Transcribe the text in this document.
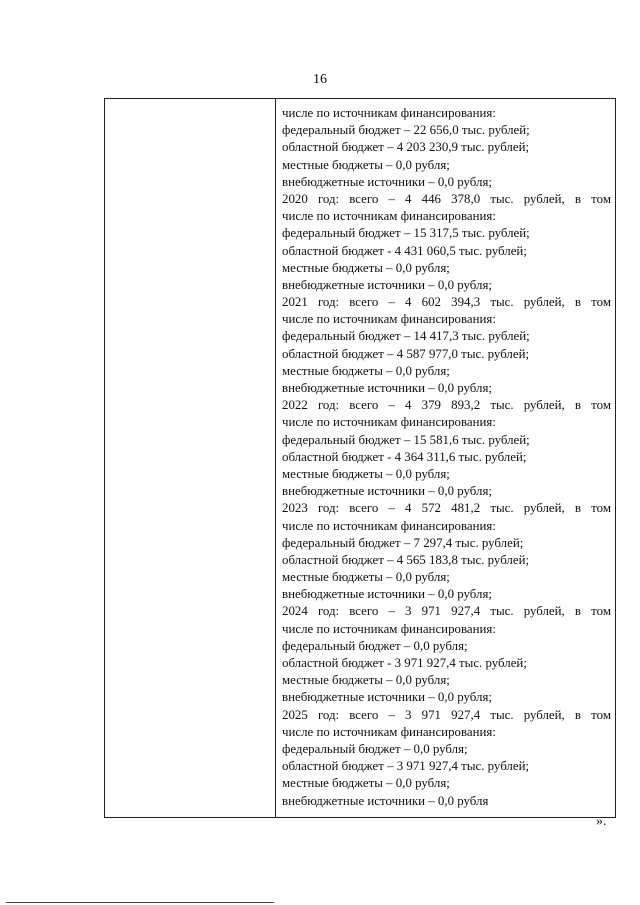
16
числе по источникам финансирования:
федеральный бюджет – 22 656,0 тыс. рублей;
областной бюджет – 4 203 230,9 тыс. рублей;
местные бюджеты – 0,0 рубля;
внебюджетные источники – 0,0 рубля;
2020 год: всего – 4 446 378,0 тыс. рублей, в том
числе по источникам финансирования:
федеральный бюджет – 15 317,5 тыс. рублей;
областной бюджет - 4 431 060,5 тыс. рублей;
местные бюджеты – 0,0 рубля;
внебюджетные источники – 0,0 рубля;
2021 год: всего – 4 602 394,3 тыс. рублей, в том
числе по источникам финансирования:
федеральный бюджет – 14 417,3 тыс. рублей;
областной бюджет – 4 587 977,0 тыс. рублей;
местные бюджеты – 0,0 рубля;
внебюджетные источники – 0,0 рубля;
2022 год: всего – 4 379 893,2 тыс. рублей, в том
числе по источникам финансирования:
федеральный бюджет – 15 581,6 тыс. рублей;
областной бюджет - 4 364 311,6 тыс. рублей;
местные бюджеты – 0,0 рубля;
внебюджетные источники – 0,0 рубля;
2023 год: всего – 4 572 481,2 тыс. рублей, в том
числе по источникам финансирования:
федеральный бюджет – 7 297,4 тыс. рублей;
областной бюджет – 4 565 183,8 тыс. рублей;
местные бюджеты – 0,0 рубля;
внебюджетные источники – 0,0 рубля;
2024 год: всего – 3 971 927,4 тыс. рублей, в том
числе по источникам финансирования:
федеральный бюджет – 0,0 рубля;
областной бюджет - 3 971 927,4 тыс. рублей;
местные бюджеты – 0,0 рубля;
внебюджетные источники – 0,0 рубля;
2025 год: всего – 3 971 927,4 тыс. рублей, в том
числе по источникам финансирования:
федеральный бюджет – 0,0 рубля;
областной бюджет – 3 971 927,4 тыс. рублей;
местные бюджеты – 0,0 рубля;
внебюджетные источники – 0,0 рубля
».
